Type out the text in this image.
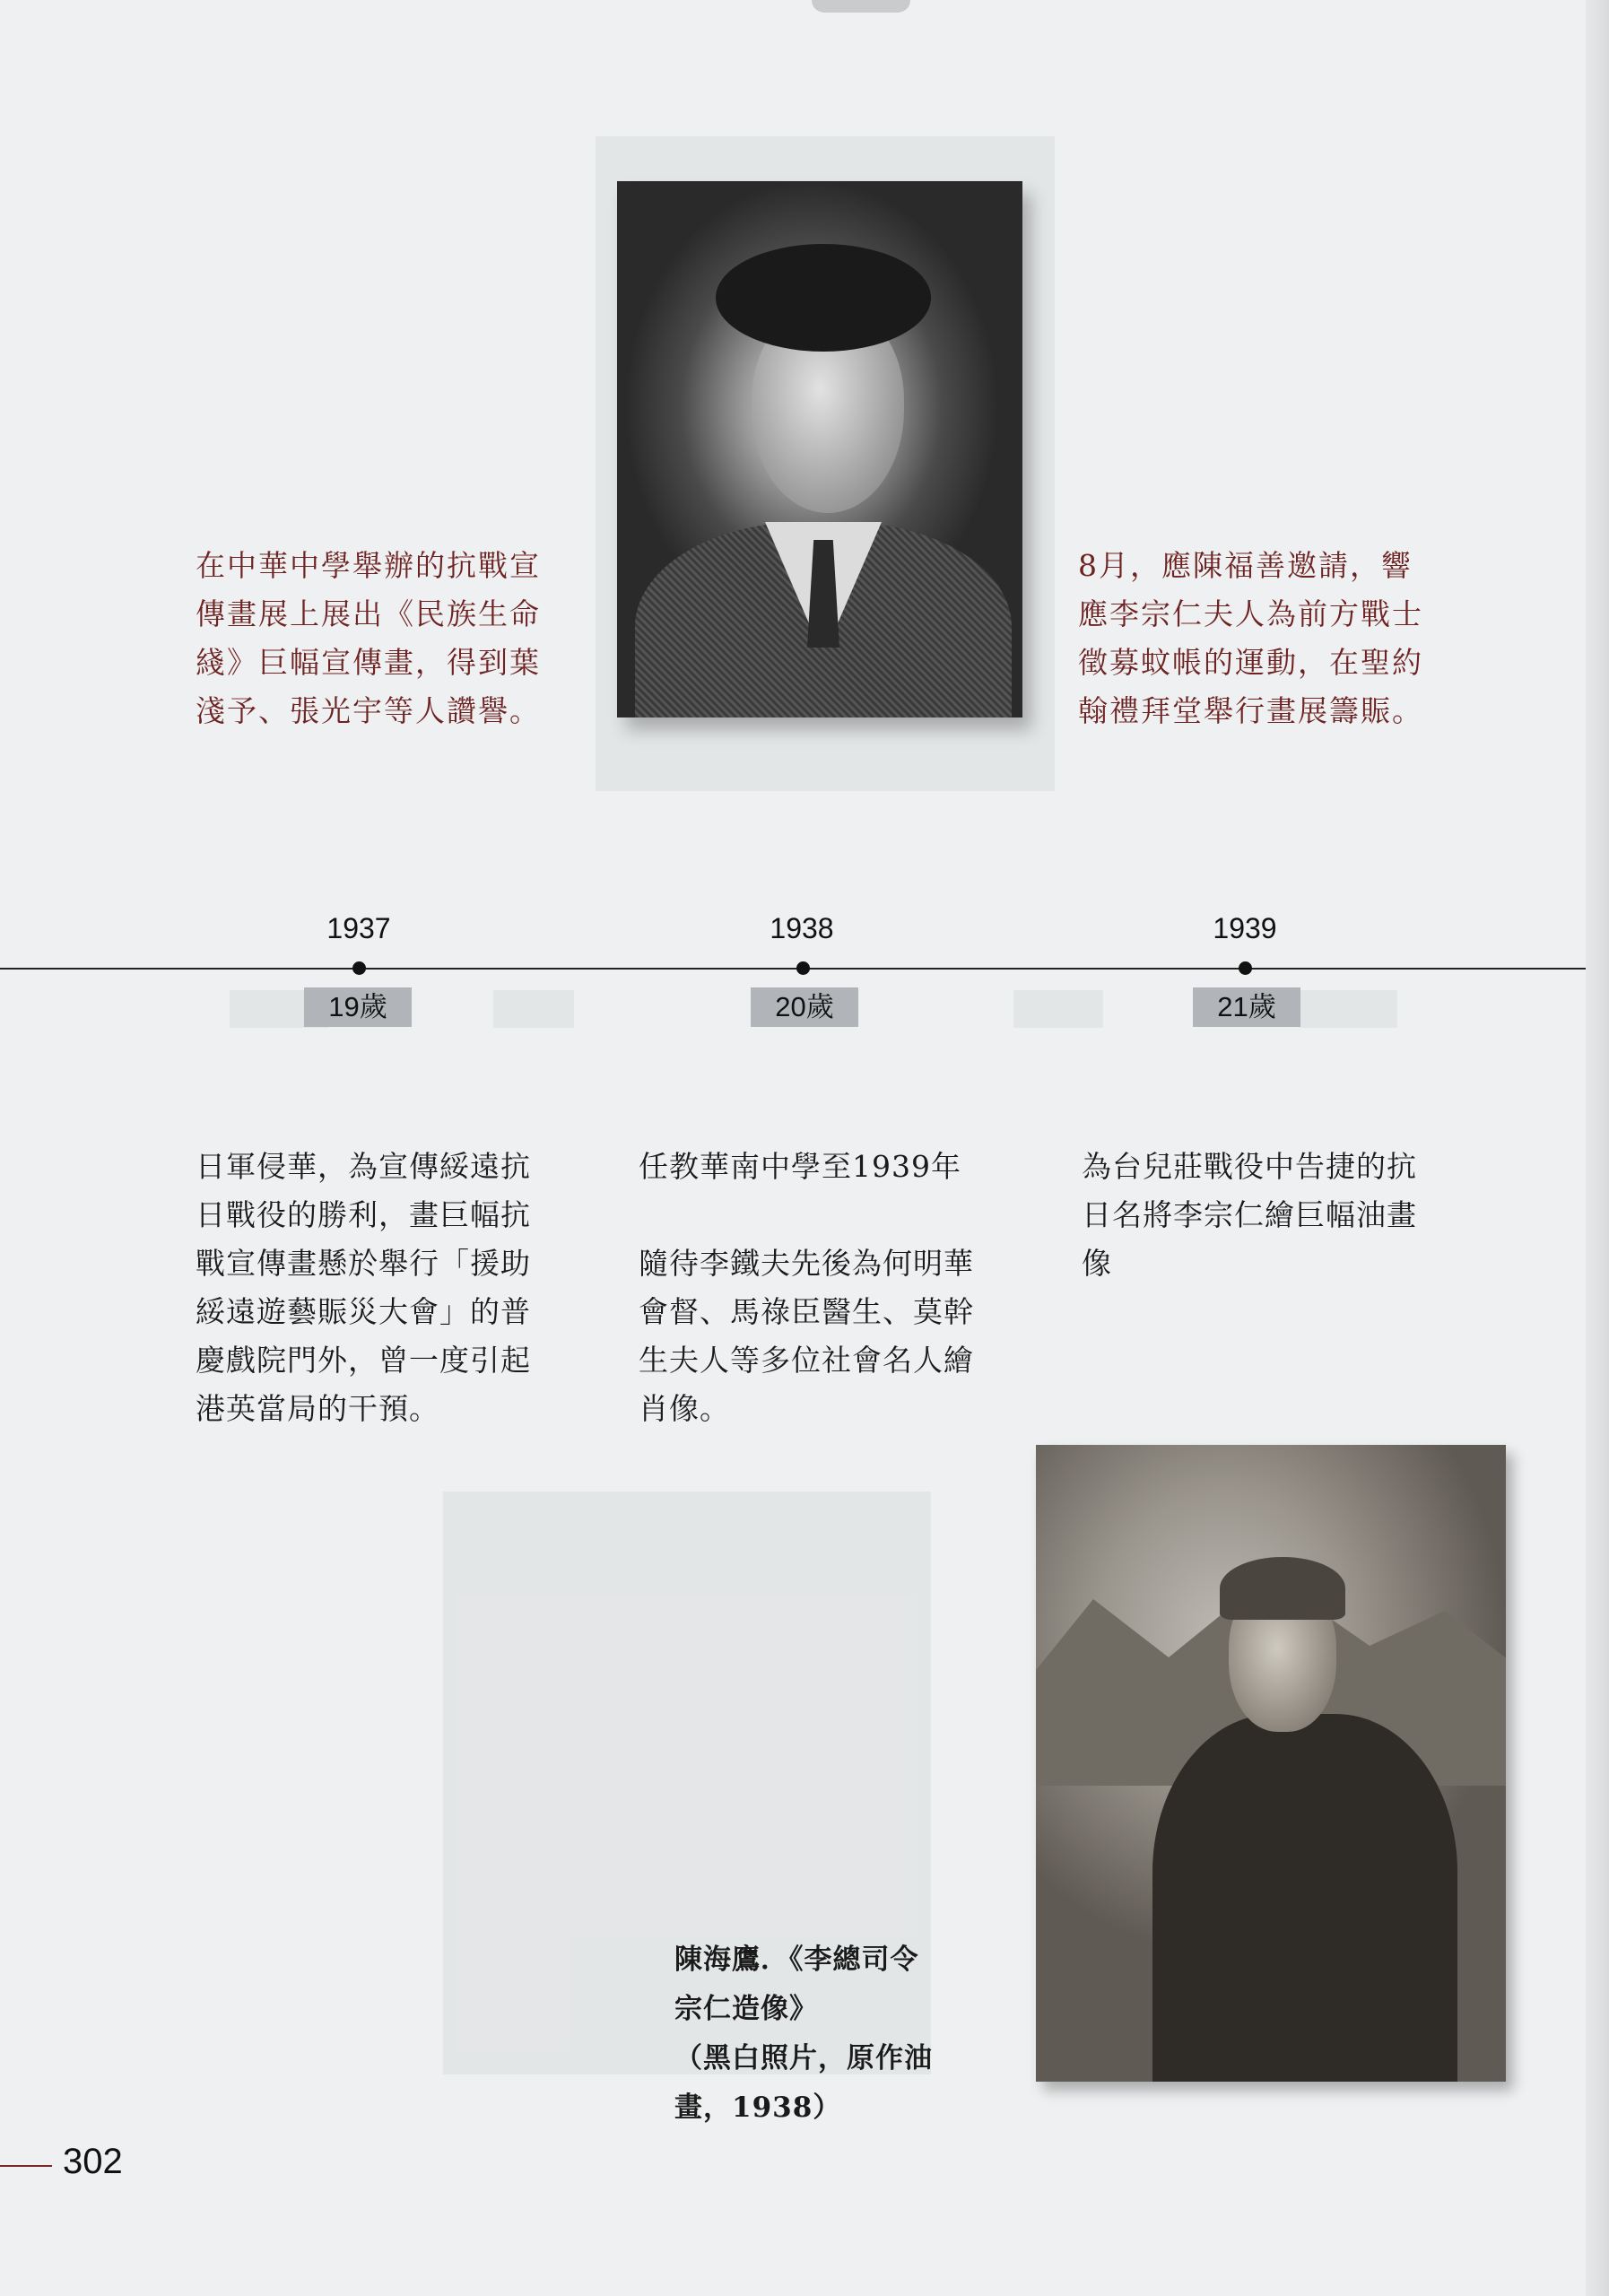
在中華中學舉辦的抗戰宣
傳畫展上展出《民族生命
綫》巨幅宣傳畫，得到葉
淺予、張光宇等人讚譽。
8月，應陳福善邀請，響
應李宗仁夫人為前方戰士
徵募蚊帳的運動，在聖約
翰禮拜堂舉行畫展籌賑。
1937
19歲
1938
20歲
1939
21歲
日軍侵華，為宣傳綏遠抗
日戰役的勝利，畫巨幅抗
戰宣傳畫懸於舉行「援助
綏遠遊藝賑災大會」的普
慶戲院門外，曾一度引起
港英當局的干預。
任教華南中學至1939年
隨待李鐵夫先後為何明華
會督、馬祿臣醫生、莫幹
生夫人等多位社會名人繪
肖像。
為台兒莊戰役中告捷的抗
日名將李宗仁繪巨幅油畫
像
陳海鷹．《李總司令
宗仁造像》
（黑白照片，原作油
畫，1938）
302
